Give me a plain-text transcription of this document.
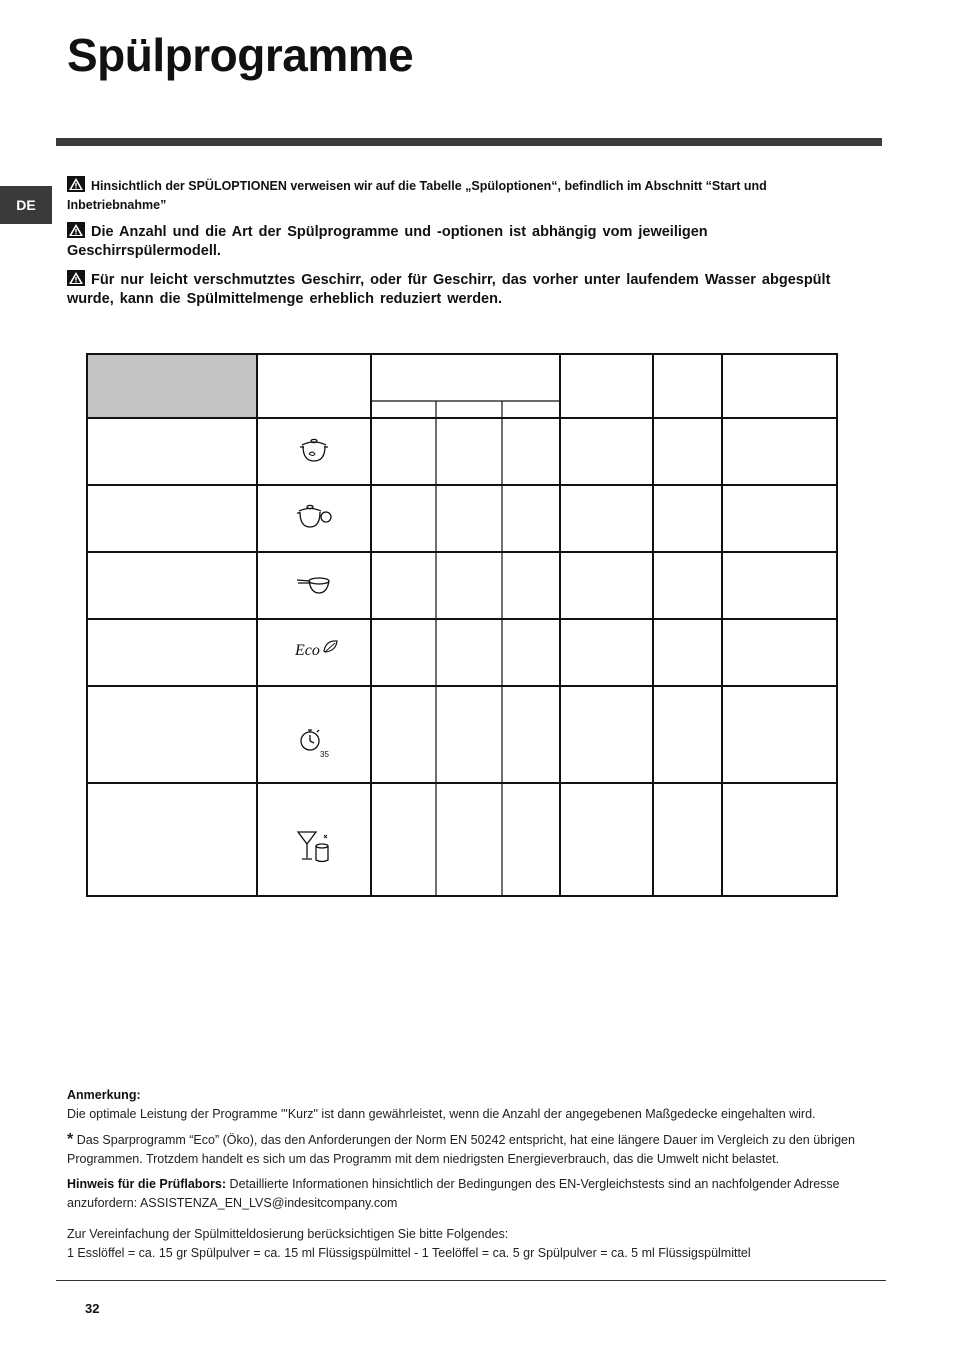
Spülprogramme
DE

Hinsichtlich der SPÜLOPTIONEN verweisen wir auf die Tabelle „Spüloptionen“, befindlich im Abschnitt “Start und Inbetriebnahme”

Die Anzahl und die Art der Spülprogramme und -optionen ist abhängig vom jeweiligen Geschirrspülermodell.

Für nur leicht verschmutztes Geschirr, oder für Geschirr, das vorher unter laufendem Wasser abgespült wurde, kann die Spülmittelmenge erheblich reduziert werden.

Eco
35

Anmerkung:
Die optimale Leistung der Programme "'Kurz" ist dann gewährleistet, wenn die Anzahl der angegebenen Maßgedecke eingehalten wird.

* Das Sparprogramm “Eco” (Öko), das den Anforderungen der Norm EN 50242 entspricht, hat eine längere Dauer im Vergleich zu den übrigen Programmen. Trotzdem handelt es sich um das Programm mit dem niedrigsten Energieverbrauch, das die Umwelt nicht belastet.

Hinweis für die Prüflabors: Detaillierte Informationen hinsichtlich der Bedingungen des EN-Vergleichstests sind an nachfolgender Adresse anzufordern: ASSISTENZA_EN_LVS@indesitcompany.com

Zur Vereinfachung der Spülmitteldosierung berücksichtigen Sie bitte Folgendes:
1 Esslöffel = ca. 15 gr Spülpulver = ca. 15 ml Flüssigspülmittel - 1 Teelöffel = ca. 5 gr Spülpulver = ca. 5 ml Flüssigspülmittel

32
